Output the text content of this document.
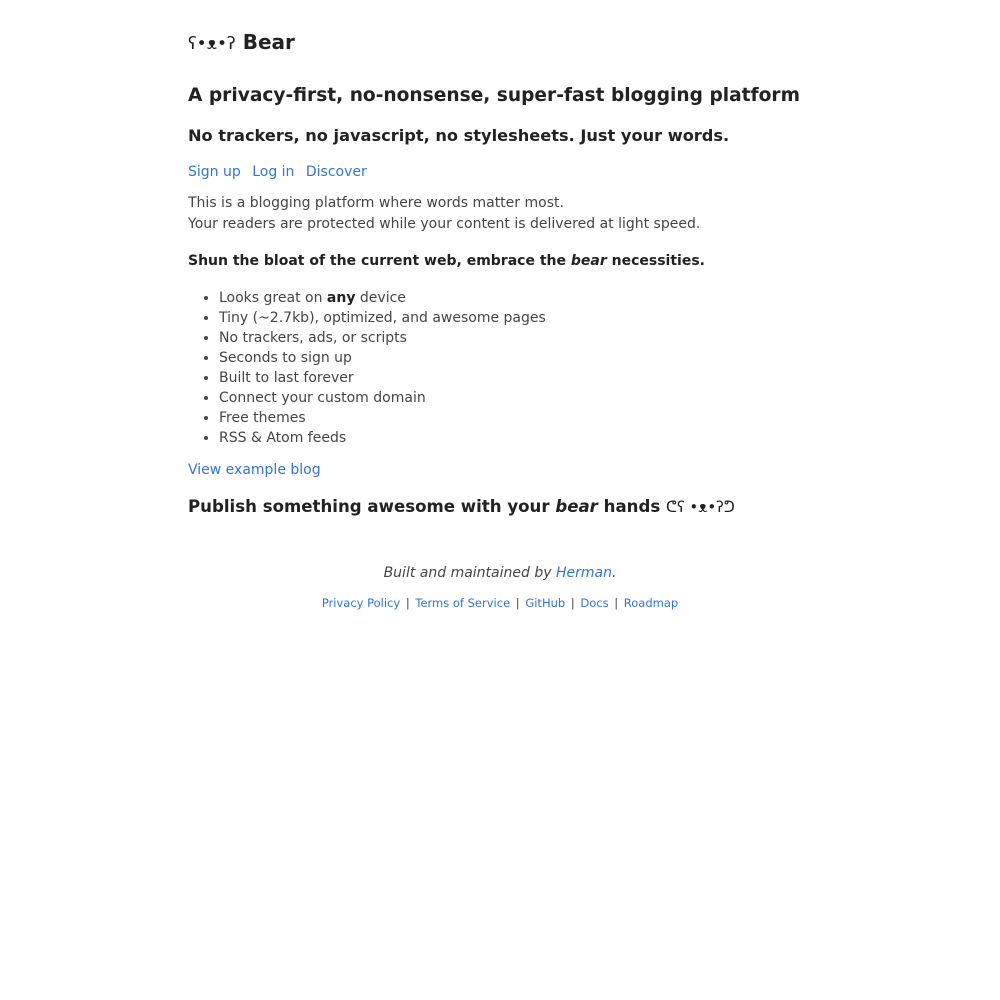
ʕ•ᴥ•ʔ Bear
A privacy-first, no-nonsense, super-fast blogging platform
No trackers, no javascript, no stylesheets. Just your words.
Sign up Log in Discover
This is a blogging platform where words matter most.
Your readers are protected while your content is delivered at light speed.
Shun the bloat of the current web, embrace the bear necessities.
• Looks great on any device
• Tiny (~2.7kb), optimized, and awesome pages
• No trackers, ads, or scripts
• Seconds to sign up
• Built to last forever
• Connect your custom domain
• Free themes
• RSS & Atom feeds
View example blog
Publish something awesome with your bear hands ᕦʕ •ᴥ•ʔᕤ

Built and maintained by Herman.

Privacy Policy | Terms of Service | GitHub | Docs | Roadmap
